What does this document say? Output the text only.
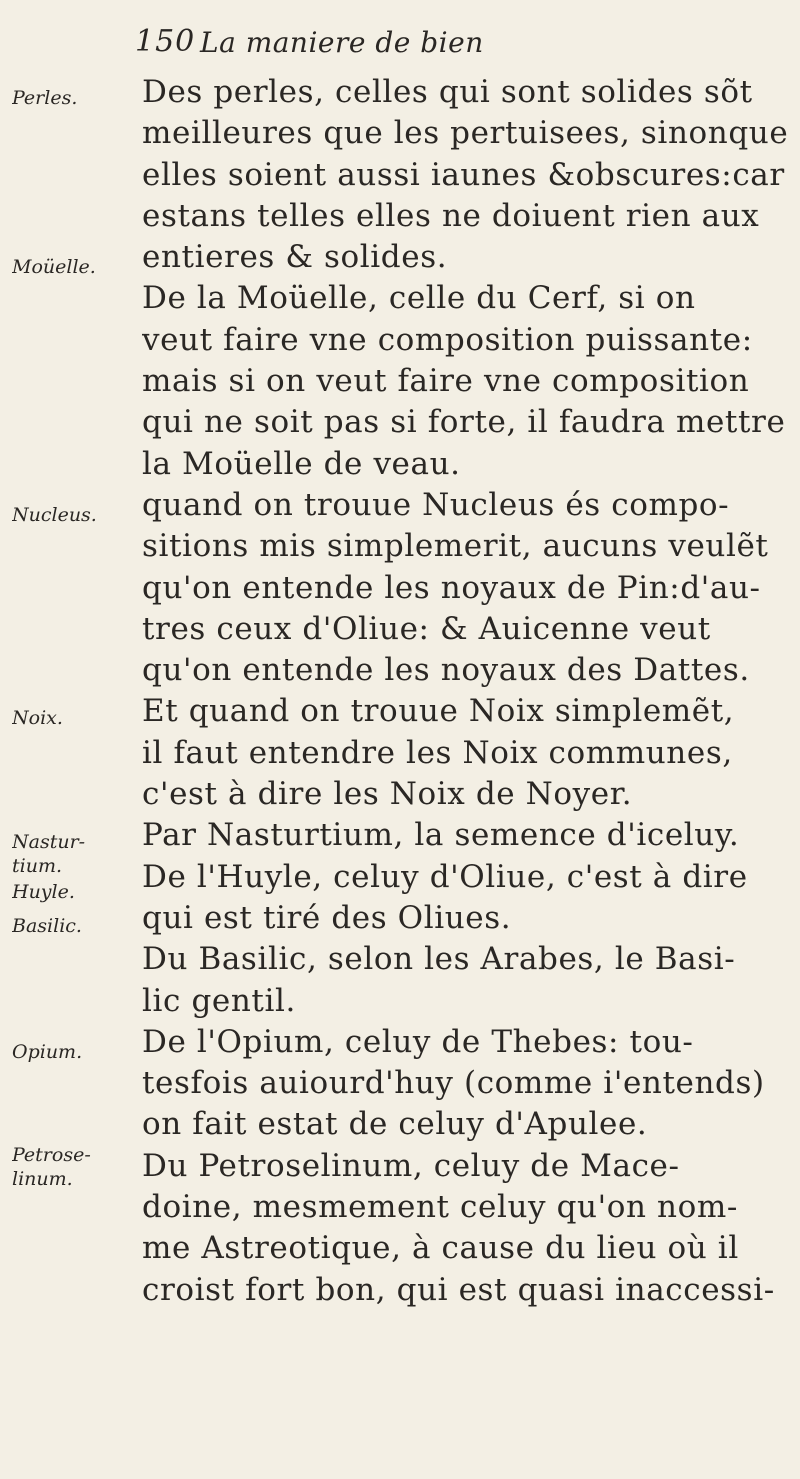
150 La maniere de bien
Des perles, celles qui sont solides sõt
meilleures que les pertuisees, sinonque
elles soient aussi iaunes &obscures:car
estans telles elles ne doiuent rien aux
entieres & solides.
De la Moüelle, celle du Cerf, si on
veut faire vne composition puissante:
mais si on veut faire vne composition
qui ne soit pas si forte, il faudra mettre
la Moüelle de veau.
quand on trouue Nucleus és compo-
sitions mis simplemerit, aucuns veulẽt
qu'on entende les noyaux de Pin:d'au-
tres ceux d'Oliue: & Auicenne veut
qu'on entende les noyaux des Dattes.
Et quand on trouue Noix simplemẽt,
il faut entendre les Noix communes,
c'est à dire les Noix de Noyer.
Par Nasturtium, la semence d'iceluy.
De l'Huyle, celuy d'Oliue, c'est à dire
qui est tiré des Oliues.
Du Basilic, selon les Arabes, le Basi-
lic gentil.
De l'Opium, celuy de Thebes: tou-
tesfois auiourd'huy (comme i'entends)
on fait estat de celuy d'Apulee.
Du Petroselinum, celuy de Mace-
doine, mesmement celuy qu'on nom-
me Astreotique, à cause du lieu où il
croist fort bon, qui est quasi inaccessi-
Perles.
Moüelle.
Nucleus.
Noix.
Nastur-
tium.
Huyle.
Basilic.
Opium.
Petrose-
linum.
